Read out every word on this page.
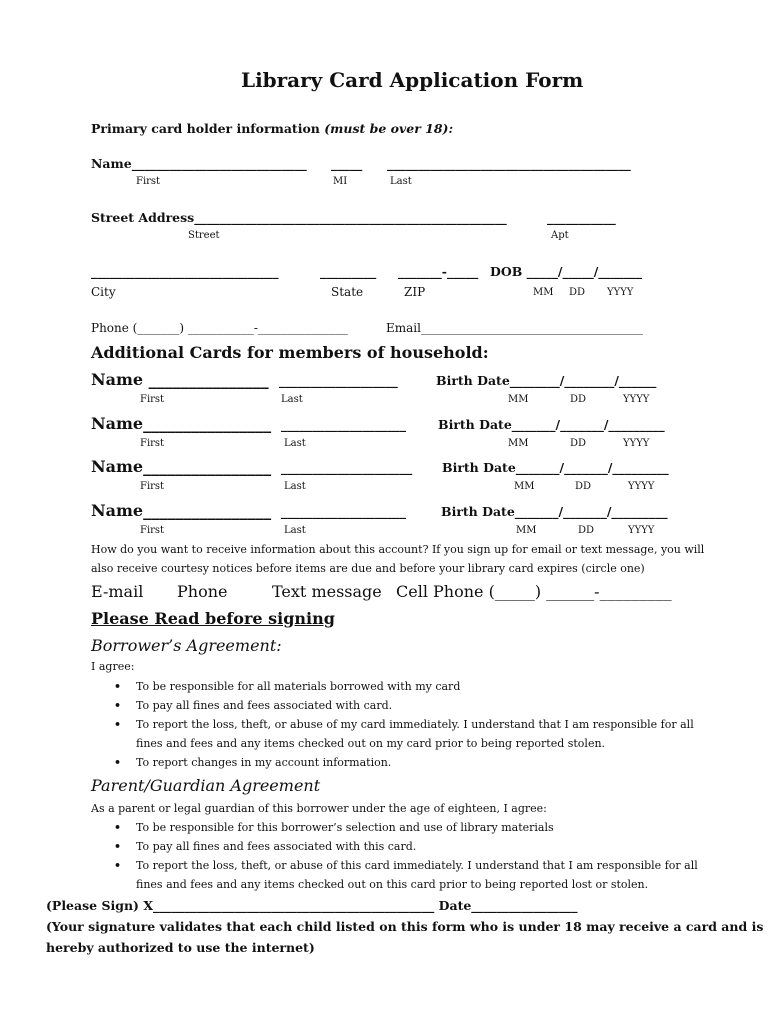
Library Card Application Form
Primary card holder information (must be over 18):
Name____________________________ _____ _______________________________________
First	MI	Last
Street Address__________________________________________________	___________
Street	Apt
______________________________	_________ _______-_____ DOB _____/_____/_______
City	State	ZIP	MM DD YYYY
Phone (_______) ___________-_______________	Email_____________________________________
Additional Cards for members of household:
Name _______________ ___________________	Birth Date________/________/______
First	Last	MM	DD	YYYY
Name________________ ____________________	Birth Date_______/_______/_________
First	Last	MM	DD	YYYY
Name________________ _____________________ Birth Date_______/_______/_________
First	Last	MM	DD	YYYY
Name________________ ____________________	Birth Date_______/_______/_________
First	Last	MM	DD	YYYY
How do you want to receive information about this account? If you sign up for email or text message, you will
also receive courtesy notices before items are due and before your library card expires (circle one)
E-mail Phone	Text message Cell Phone (_____) ______-_________
Please Read before signing
Borrower’s Agreement:
I agree:
• To be responsible for all materials borrowed with my card
• To pay all fines and fees associated with card.
• To report the loss, theft, or abuse of my card immediately. I understand that I am responsible for all
fines and fees and any items checked out on my card prior to being reported stolen.
• To report changes in my account information.
Parent/Guardian Agreement
As a parent or legal guardian of this borrower under the age of eighteen, I agree:
• To be responsible for this borrower’s selection and use of library materials
• To pay all fines and fees associated with this card.
• To report the loss, theft, or abuse of this card immediately. I understand that I am responsible for all
fines and fees and any items checked out on this card prior to being reported lost or stolen.
(Please Sign) X_____________________________________________ Date_________________
(Your signature validates that each child listed on this form who is under 18 may receive a card and is
hereby authorized to use the internet)
